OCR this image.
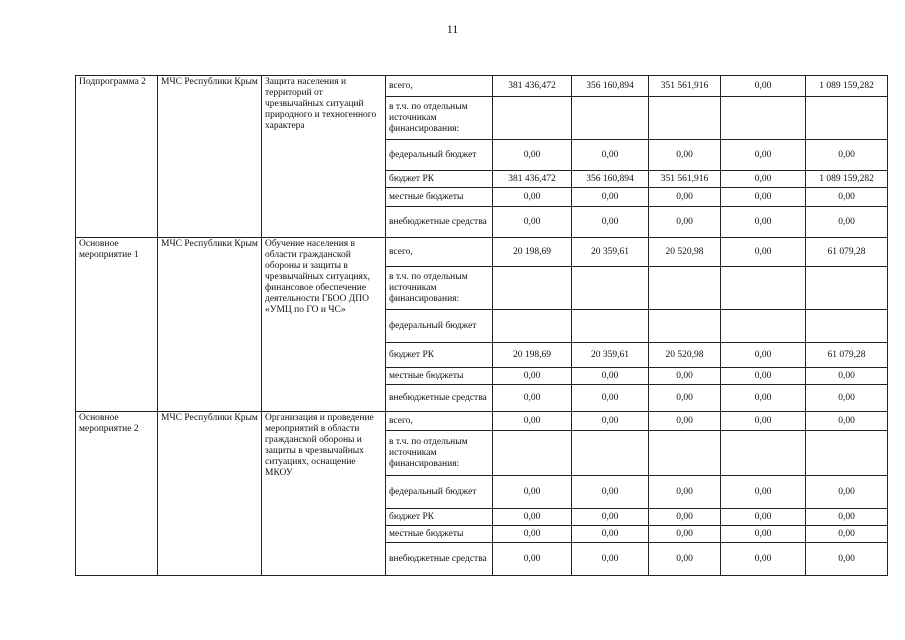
11
Подпрограмма 2	МЧС Республики Крым	Защита населения и территорий от чрезвычайных ситуаций природного и техногенного характера	всего,	381 436,472	356 160,894	351 561,916	0,00	1 089 159,282
			в т.ч. по отдельным источникам финансирования:					
			федеральный бюджет	0,00	0,00	0,00	0,00	0,00
			бюджет РК	381 436,472	356 160,894	351 561,916	0,00	1 089 159,282
			местные бюджеты	0,00	0,00	0,00	0,00	0,00
			внебюджетные средства	0,00	0,00	0,00	0,00	0,00
Основное мероприятие 1	МЧС Республики Крым	Обучение населения в области гражданской обороны и защиты в чрезвычайных ситуациях, финансовое обеспечение деятельности ГБОО ДПО «УМЦ по ГО и ЧС»	всего,	20 198,69	20 359,61	20 520,98	0,00	61 079,28
			в т.ч. по отдельным источникам финансирования:					
			федеральный бюджет					
			бюджет РК	20 198,69	20 359,61	20 520,98	0,00	61 079,28
			местные бюджеты	0,00	0,00	0,00	0,00	0,00
			внебюджетные средства	0,00	0,00	0,00	0,00	0,00
Основное мероприятие 2	МЧС Республики Крым	Организация и проведение мероприятий в области гражданской обороны и защиты в чрезвычайных ситуациях, оснащение МКОУ	всего,	0,00	0,00	0,00	0,00	0,00
			в т.ч. по отдельным источникам финансирования:					
			федеральный бюджет	0,00	0,00	0,00	0,00	0,00
			бюджет РК	0,00	0,00	0,00	0,00	0,00
			местные бюджеты	0,00	0,00	0,00	0,00	0,00
			внебюджетные средства	0,00	0,00	0,00	0,00	0,00
